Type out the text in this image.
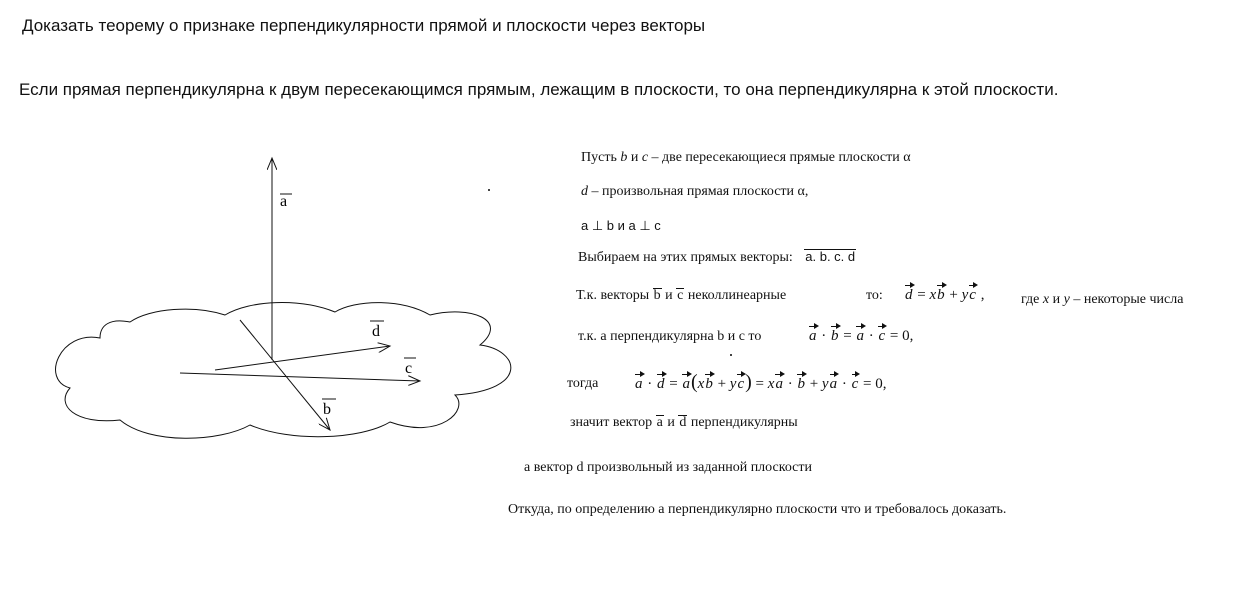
Доказать теорему о признаке перпендикулярности прямой и плоскости через векторы
Если прямая перпендикулярна к двум пересекающимся прямым, лежащим в плоскости, то она перпендикулярна к этой плоскости.
a
d
c
b
Пусть b и c – две пересекающиеся прямые плоскости α
d – произвольная прямая плоскости α,
a ⊥ b и a ⊥ c
Выбираем на этих прямых векторы: a. b. c. d
Т.к. векторы b и c неколлинеарные	то: d = xb + yc ,	где x и y – некоторые числа
т.к. a перпендикулярна b и c то	a · b = a · c = 0,
тогда a · d = a(xb + yc) = xa · b + ya · c = 0,
значит вектор a и d перпендикулярны
а вектор d произвольный из заданной плоскости
Откуда, по определению a перпендикулярно плоскости что и требовалось доказать.
